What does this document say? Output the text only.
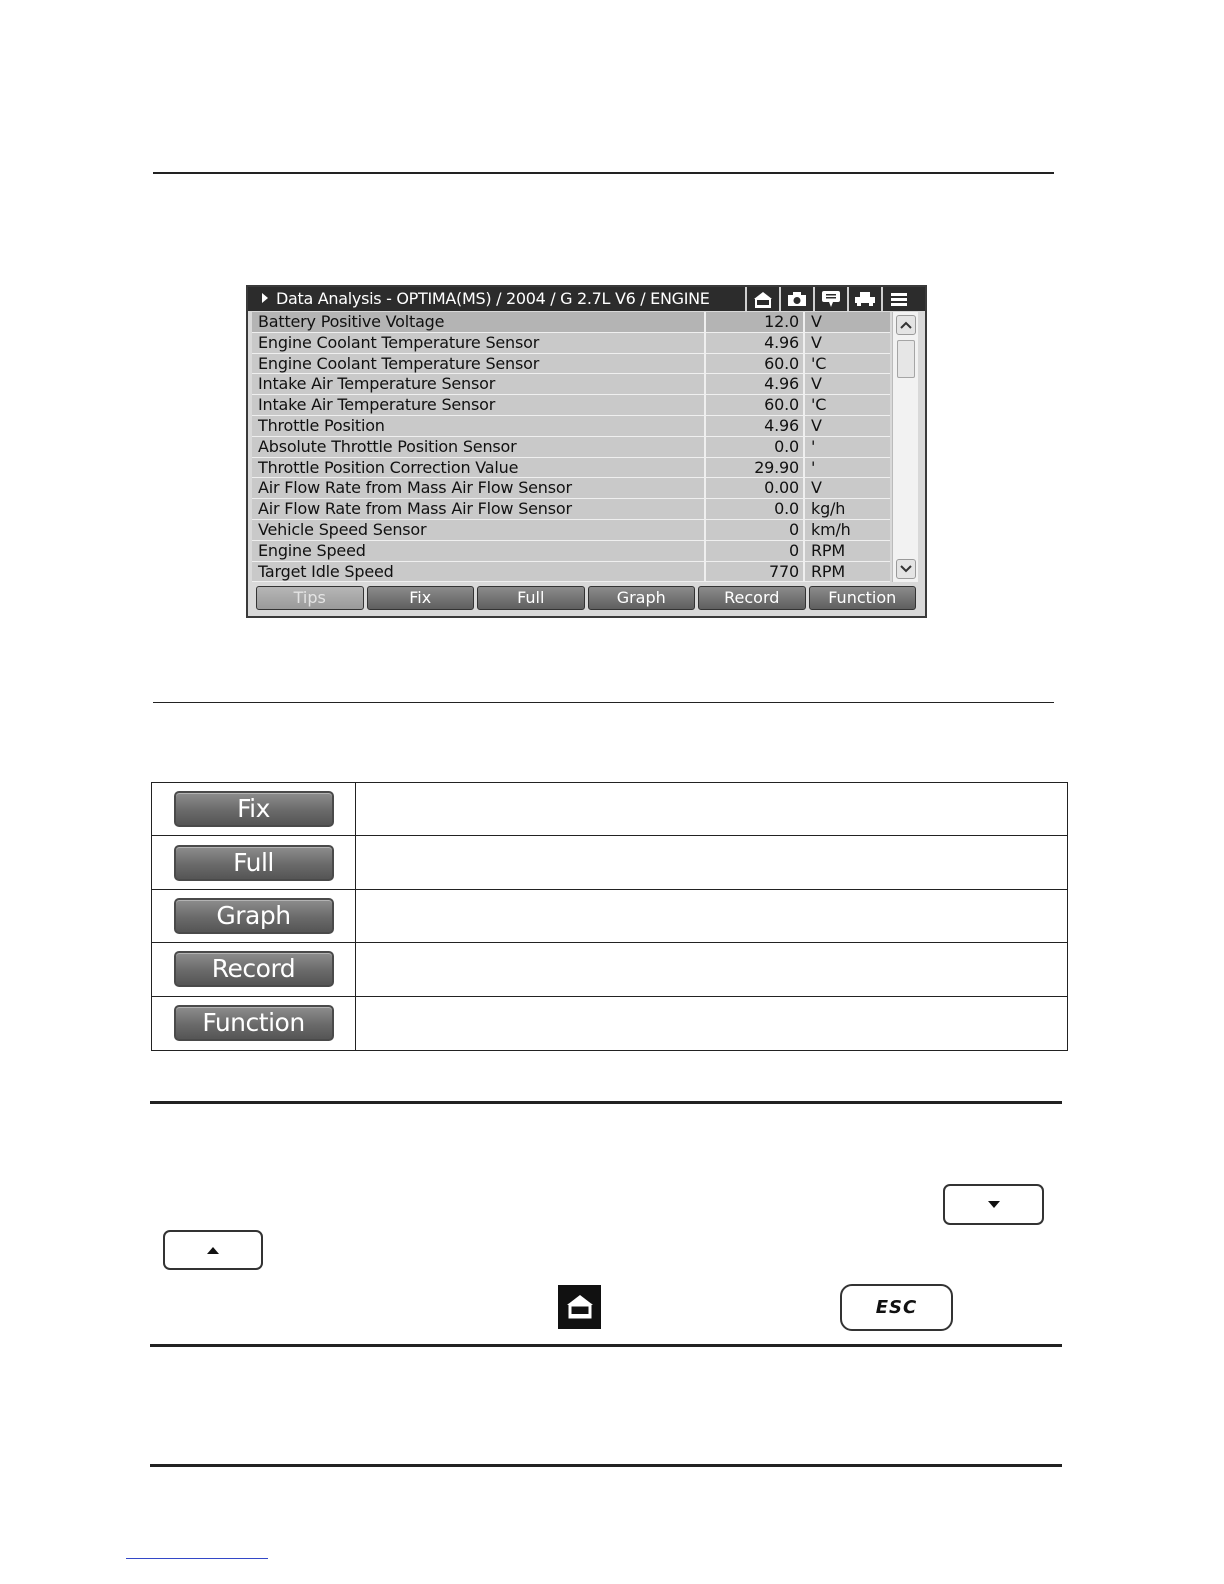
Data Analysis - OPTIMA(MS) / 2004 / G 2.7L V6 / ENGINE
Battery Positive Voltage	12.0 V
Engine Coolant Temperature Sensor	4.96 V
Engine Coolant Temperature Sensor	60.0 'C
Intake Air Temperature Sensor	4.96 V
Intake Air Temperature Sensor	60.0 'C
Throttle Position	4.96 V
Absolute Throttle Position Sensor	0.0 '
Throttle Position Correction Value	29.90 '
Air Flow Rate from Mass Air Flow Sensor	0.00 V
Air Flow Rate from Mass Air Flow Sensor	0.0 kg/h
Vehicle Speed Sensor	0 km/h
Engine Speed	0 RPM
Target Idle Speed	770 RPM
Tips	Fix	Full	Graph	Record	Function
Fix
Full
Graph
Record
Function
ESC
